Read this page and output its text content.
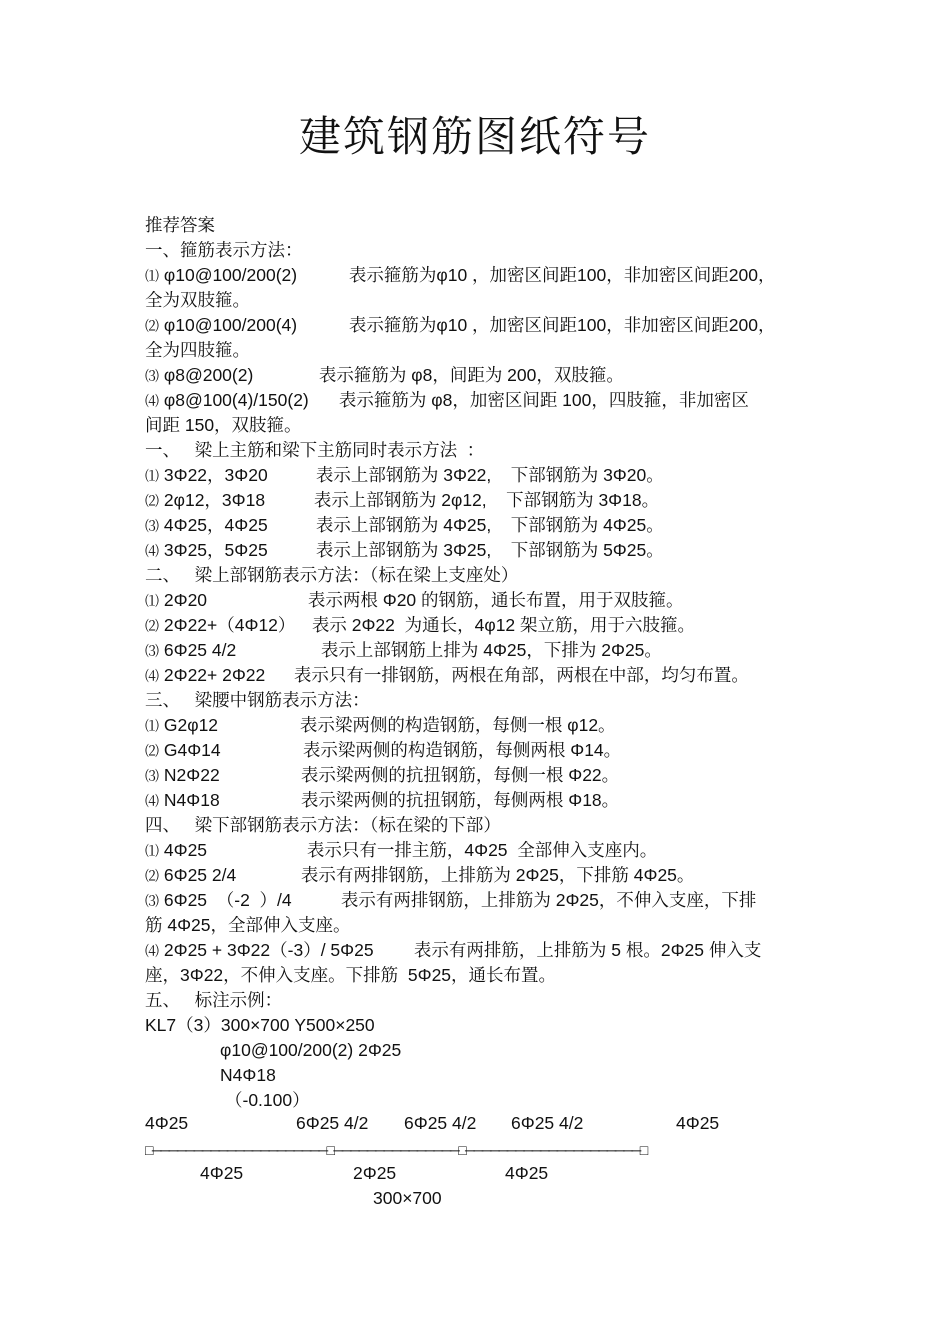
建筑钢筋图纸符号
推荐答案
一、箍筋表示方法：
⑴ φ10@100/200(2)	表示箍筋为φ10 ，加密区间距100，非加密区间距200，
全为双肢箍。
⑵ φ10@100/200(4)	表示箍筋为φ10 ，加密区间距100，非加密区间距200，
全为四肢箍。
⑶ φ8@200(2)	表示箍筋为 φ8，间距为 200，双肢箍。
⑷ φ8@100(4)/150(2) 表示箍筋为 φ8，加密区间距 100，四肢箍，非加密区
间距 150，双肢箍。
一、   梁上主筋和梁下主筋同时表示方法  ：
⑴ 3Φ22，3Φ20	表示上部钢筋为 3Φ22,    下部钢筋为 3Φ20。
⑵ 2φ12，3Φ18	表示上部钢筋为 2φ12,    下部钢筋为 3Φ18。
⑶ 4Φ25，4Φ25	表示上部钢筋为 4Φ25,    下部钢筋为 4Φ25。
⑷ 3Φ25，5Φ25	表示上部钢筋为 3Φ25,    下部钢筋为 5Φ25。
二、   梁上部钢筋表示方法：（标在梁上支座处）
⑴ 2Φ20	表示两根 Φ20 的钢筋，通长布置，用于双肢箍。
⑵ 2Φ22+（4Φ12） 表示 2Φ22  为通长，4φ12 架立筋，用于六肢箍。
⑶ 6Φ25 4/2	表示上部钢筋上排为 4Φ25，下排为 2Φ25。
⑷ 2Φ22+ 2Φ22 表示只有一排钢筋，两根在角部，两根在中部，均匀布置。
三、   梁腰中钢筋表示方法：
⑴ G2φ12	表示梁两侧的构造钢筋，每侧一根 φ12。
⑵ G4Φ14	表示梁两侧的构造钢筋，每侧两根 Φ14。
⑶ N2Φ22	表示梁两侧的抗扭钢筋，每侧一根 Φ22。
⑷ N4Φ18	表示梁两侧的抗扭钢筋，每侧两根 Φ18。
四、   梁下部钢筋表示方法：（标在梁的下部）
⑴ 4Φ25	表示只有一排主筋，4Φ25  全部伸入支座内。
⑵ 6Φ25 2/4	表示有两排钢筋，上排筋为 2Φ25，下排筋 4Φ25。
⑶ 6Φ25  （-2  ）/4	表示有两排钢筋，上排筋为 2Φ25，不伸入支座，下排
筋 4Φ25，全部伸入支座。
⑷ 2Φ25 + 3Φ22（-3）/ 5Φ25 表示有两排筋，上排筋为 5 根。2Φ25 伸入支
座，3Φ22，不伸入支座。下排筋  5Φ25，通长布置。
五、   标注示例：
KL7（3）300×700 Y500×250
φ10@100/200(2) 2Φ25
N4Φ18
（-0.100）
4Φ25	6Φ25 4/2 6Φ25 4/2 6Φ25 4/2	4Φ25
□─────────────────────□───────────────□─────────────────────□
4Φ25	2Φ25	4Φ25
300×700
